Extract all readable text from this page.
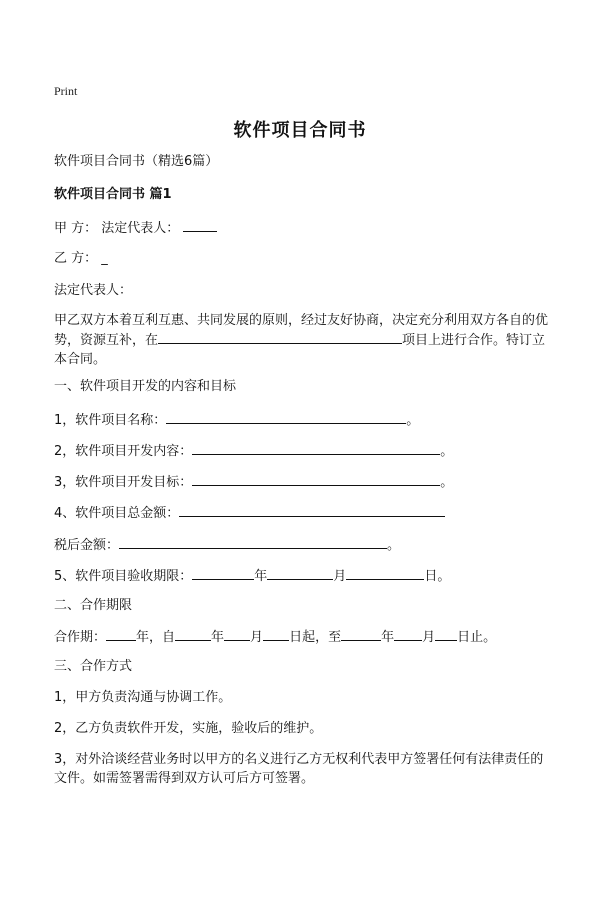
Print
软件项目合同书
软件项目合同书（精选6篇）
软件项目合同书 篇1
甲 方： 法定代表人：
乙 方： _
法定代表人：
甲乙双方本着互利互惠、共同发展的原则，经过友好协商，决定充分利用双方各自的优势，资源互补，在	项目上进行合作。特订立本合同。
一、软件项目开发的内容和目标
1，软件项目名称：	。
2，软件项目开发内容：	。
3，软件项目开发目标：	。
4、软件项目总金额：
税后金额：	。
5、软件项目验收期限：	年	月	日。
二、合作期限
合作期： 年，自	年 月 日起，至	年 月 日止。
三、合作方式
1，甲方负责沟通与协调工作。
2，乙方负责软件开发，实施，验收后的维护。
3，对外洽谈经营业务时以甲方的名义进行乙方无权利代表甲方签署任何有法律责任的文件。如需签署需得到双方认可后方可签署。
